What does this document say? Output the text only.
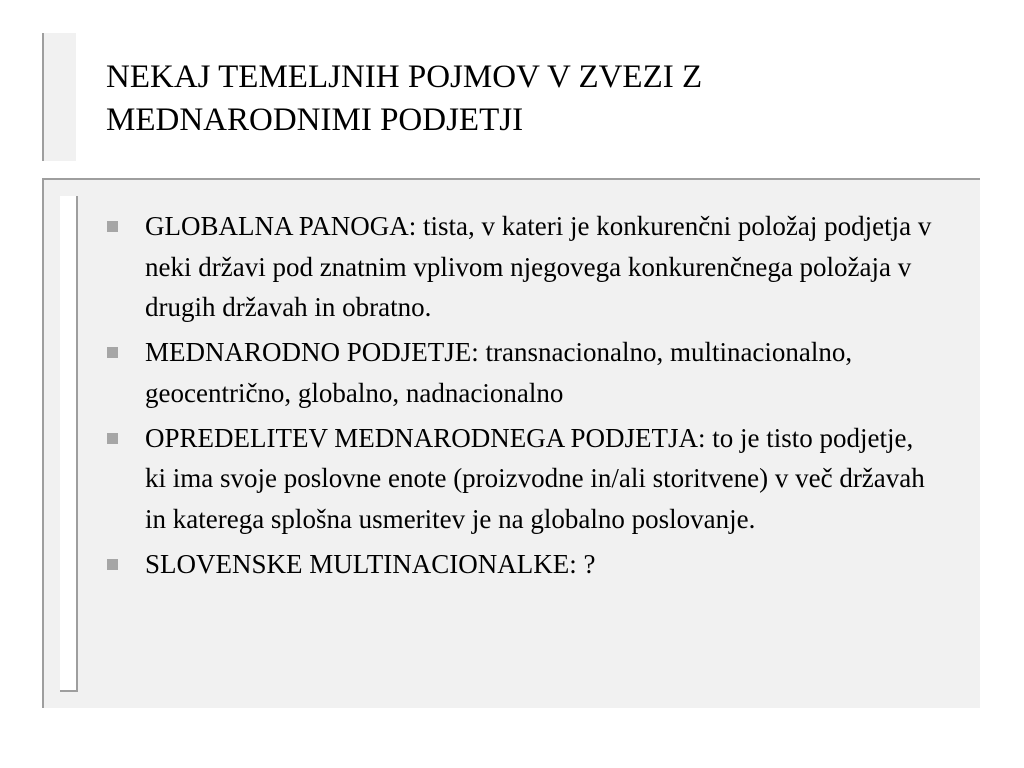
NEKAJ TEMELJNIH POJMOV V ZVEZI Z
MEDNARODNIMI PODJETJI
GLOBALNA PANOGA: tista, v kateri je konkurenčni položaj podjetja v neki državi pod znatnim vplivom njegovega konkurenčnega položaja v drugih državah in obratno.
MEDNARODNO PODJETJE: transnacionalno, multinacionalno, geocentrično, globalno, nadnacionalno
OPREDELITEV MEDNARODNEGA PODJETJA: to je tisto podjetje, ki ima svoje poslovne enote (proizvodne in/ali storitvene) v več državah in katerega splošna usmeritev je na globalno poslovanje.
SLOVENSKE MULTINACIONALKE: ?
